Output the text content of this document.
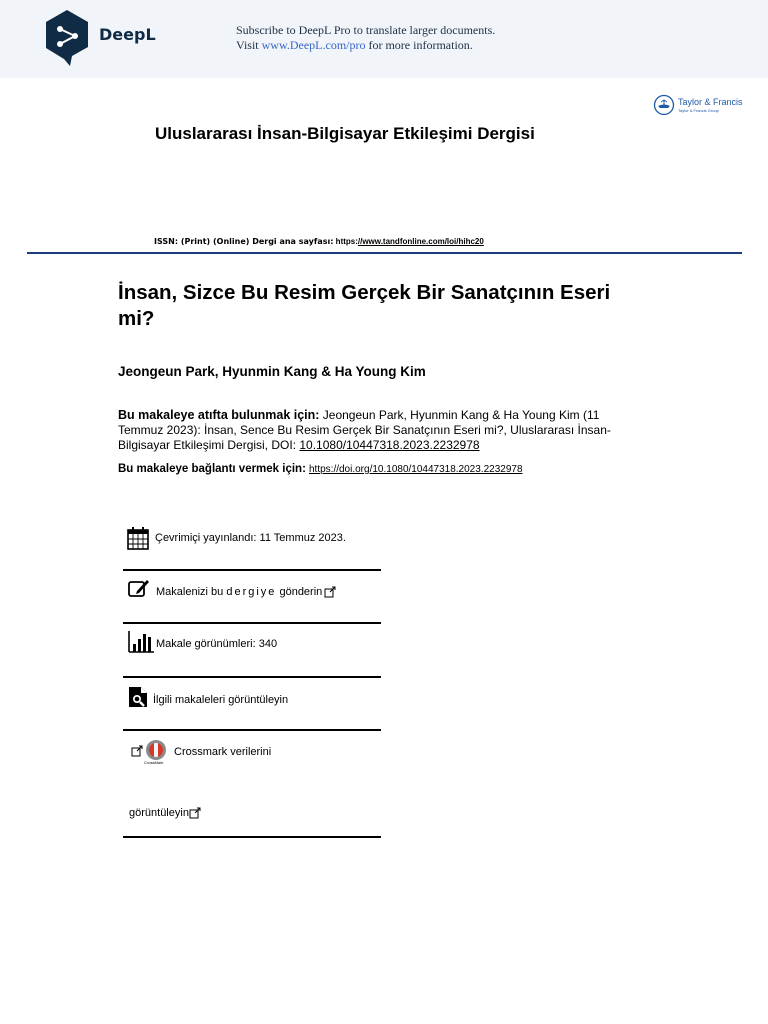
DeepL	Subscribe to DeepL Pro to translate larger documents.
Visit www.DeepL.com/pro for more information.
Taylor & Francis
Taylor & Francis Group
Uluslararası İnsan-Bilgisayar Etkileşimi Dergisi
ISSN: (Print) (Online) Dergi ana sayfası: https://www.tandfonline.com/loi/hihc20
İnsan, Sizce Bu Resim Gerçek Bir Sanatçının Eseri mi?
Jeongeun Park, Hyunmin Kang & Ha Young Kim
Bu makaleye atıfta bulunmak için: Jeongeun Park, Hyunmin Kang & Ha Young Kim (11 Temmuz 2023): İnsan, Sence Bu Resim Gerçek Bir Sanatçının Eseri mi?, Uluslararası İnsan-Bilgisayar Etkileşimi Dergisi, DOI: 10.1080/10447318.2023.2232978
Bu makaleye bağlantı vermek için: https://doi.org/10.1080/10447318.2023.2232978
Çevrimiçi yayınlandı: 11 Temmuz 2023.
Makalenizi bu dergiye gönderin
Makale görünümleri: 340
İlgili makaleleri görüntüleyin
CrossMark
Crossmark verilerini
görüntüleyin
